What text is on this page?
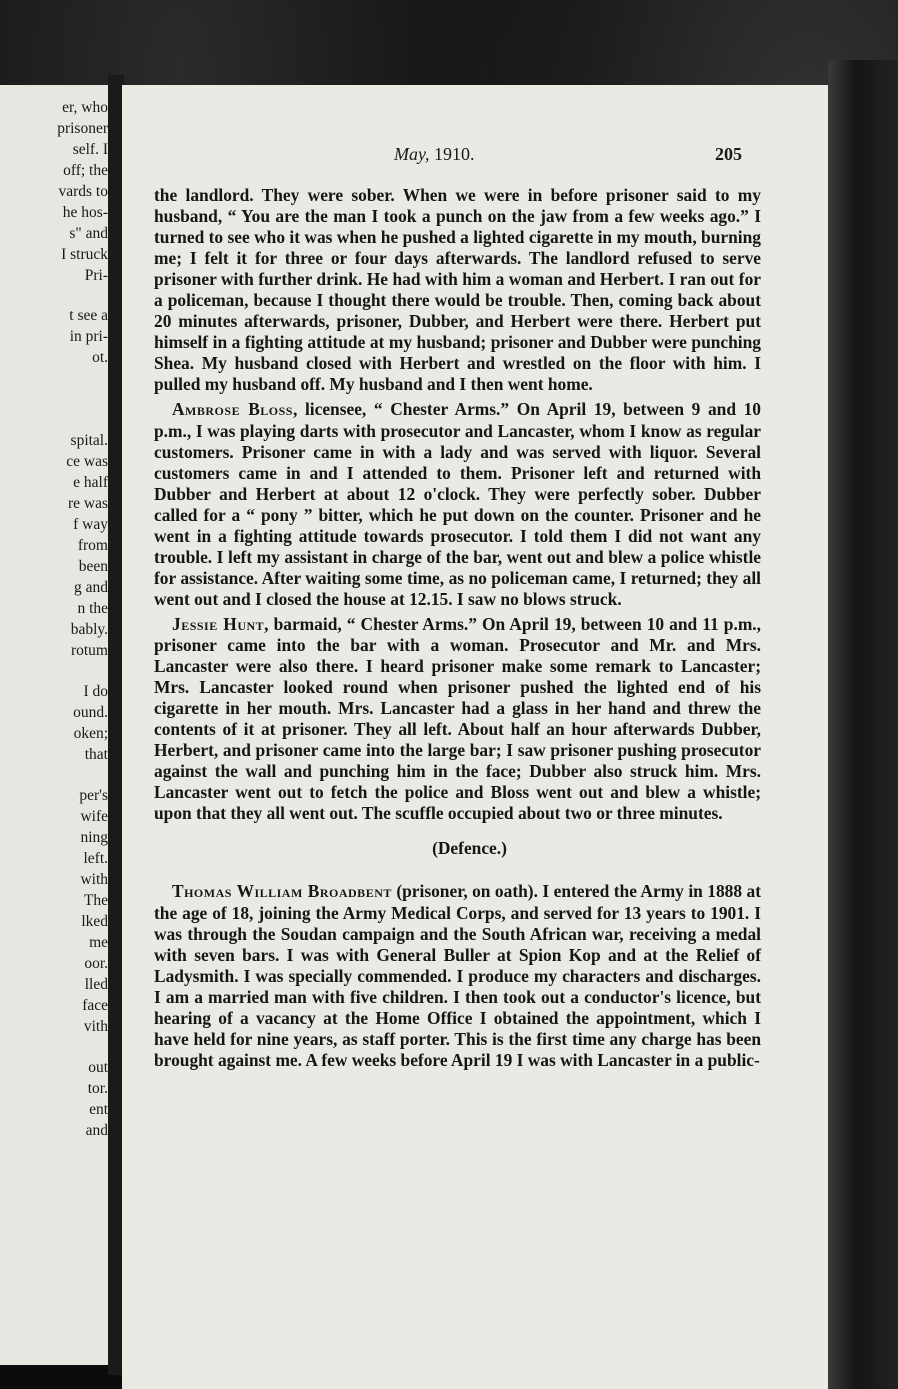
er, who
prisoner
self. I
off; the
vards to
he hos-
s" and
I struck
Pri-
t see a
in pri-
ot.
spital.
ce was
e half
re was
f way
from
been
g and
n the
bably.
rotum
I do
ound.
oken;
that
per's
wife
ning
left.
with
The
lked
me
oor.
lled
face
vith
out
tor.
ent
and
May, 1910.	205

the landlord. They were sober. When we were in before prisoner said to my husband, “ You are the man I took a punch on the jaw from a few weeks ago.” I turned to see who it was when he pushed a lighted cigarette in my mouth, burning me; I felt it for three or four days afterwards. The landlord refused to serve prisoner with further drink. He had with him a woman and Herbert. I ran out for a policeman, because I thought there would be trouble. Then, coming back about 20 minutes afterwards, prisoner, Dubber, and Herbert were there. Herbert put himself in a fighting attitude at my husband; prisoner and Dubber were punching Shea. My husband closed with Herbert and wrestled on the floor with him. I pulled my husband off. My husband and I then went home.

Ambrose Bloss, licensee, “ Chester Arms.” On April 19, between 9 and 10 p.m., I was playing darts with prosecutor and Lancaster, whom I know as regular customers. Prisoner came in with a lady and was served with liquor. Several customers came in and I attended to them. Prisoner left and returned with Dubber and Herbert at about 12 o'clock. They were perfectly sober. Dubber called for a “ pony ” bitter, which he put down on the counter. Prisoner and he went in a fighting attitude towards prosecutor. I told them I did not want any trouble. I left my assistant in charge of the bar, went out and blew a police whistle for assistance. After waiting some time, as no policeman came, I returned; they all went out and I closed the house at 12.15. I saw no blows struck.

Jessie Hunt, barmaid, “ Chester Arms.” On April 19, between 10 and 11 p.m., prisoner came into the bar with a woman. Prosecutor and Mr. and Mrs. Lancaster were also there. I heard prisoner make some remark to Lancaster; Mrs. Lancaster looked round when prisoner pushed the lighted end of his cigarette in her mouth. Mrs. Lancaster had a glass in her hand and threw the contents of it at prisoner. They all left. About half an hour afterwards Dubber, Herbert, and prisoner came into the large bar; I saw prisoner pushing prosecutor against the wall and punching him in the face; Dubber also struck him. Mrs. Lancaster went out to fetch the police and Bloss went out and blew a whistle; upon that they all went out. The scuffle occupied about two or three minutes.

(Defence.)

Thomas William Broadbent (prisoner, on oath). I entered the Army in 1888 at the age of 18, joining the Army Medical Corps, and served for 13 years to 1901. I was through the Soudan campaign and the South African war, receiving a medal with seven bars. I was with General Buller at Spion Kop and at the Relief of Ladysmith. I was specially commended. I produce my characters and discharges. I am a married man with five children. I then took out a conductor's licence, but hearing of a vacancy at the Home Office I obtained the appointment, which I have held for nine years, as staff porter. This is the first time any charge has been brought against me. A few weeks before April 19 I was with Lancaster in a public-
